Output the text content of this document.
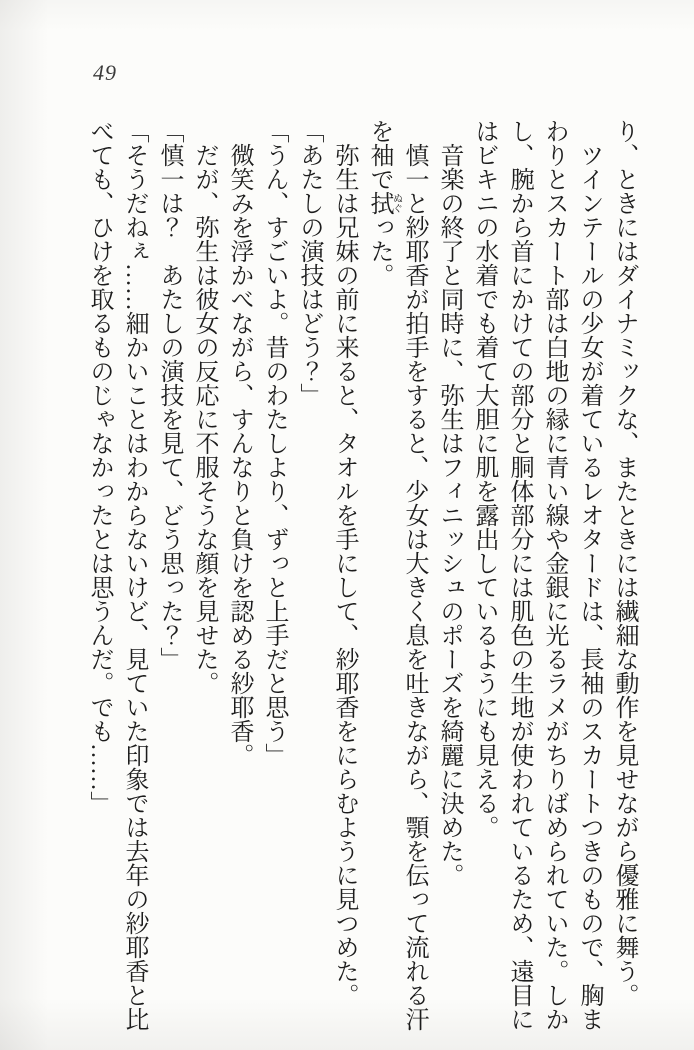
49

り、ときにはダイナミックな、またときには繊細な動作を見せながら優雅に舞う。

ツインテールの少女が着ているレオタードは、長袖のスカートつきのもので、胸まわりとスカート部は白地の縁に青い線や金銀に光るラメがちりばめられていた。しかし、腕から首にかけての部分と胴体部分には肌色の生地が使われているため、遠目にはビキニの水着でも着て大胆に肌を露出しているようにも見える。

音楽の終了と同時に、弥生はフィニッシュのポーズを綺麗に決めた。

慎一と紗耶香が拍手をすると、少女は大きく息を吐きながら、顎を伝って流れる汗を袖で拭ぬぐった。

弥生は兄妹の前に来ると、タオルを手にして、紗耶香をにらむように見つめた。

「あたしの演技はどう？」

「うん、すごいよ。昔のわたしより、ずっと上手だと思う」

微笑みを浮かべながら、すんなりと負けを認める紗耶香。

だが、弥生は彼女の反応に不服そうな顔を見せた。

「慎一は？　あたしの演技を見て、どう思った？」

「そうだねぇ……細かいことはわからないけど、見ていた印象では去年の紗耶香と比べても、ひけを取るものじゃなかったとは思うんだ。でも……」
